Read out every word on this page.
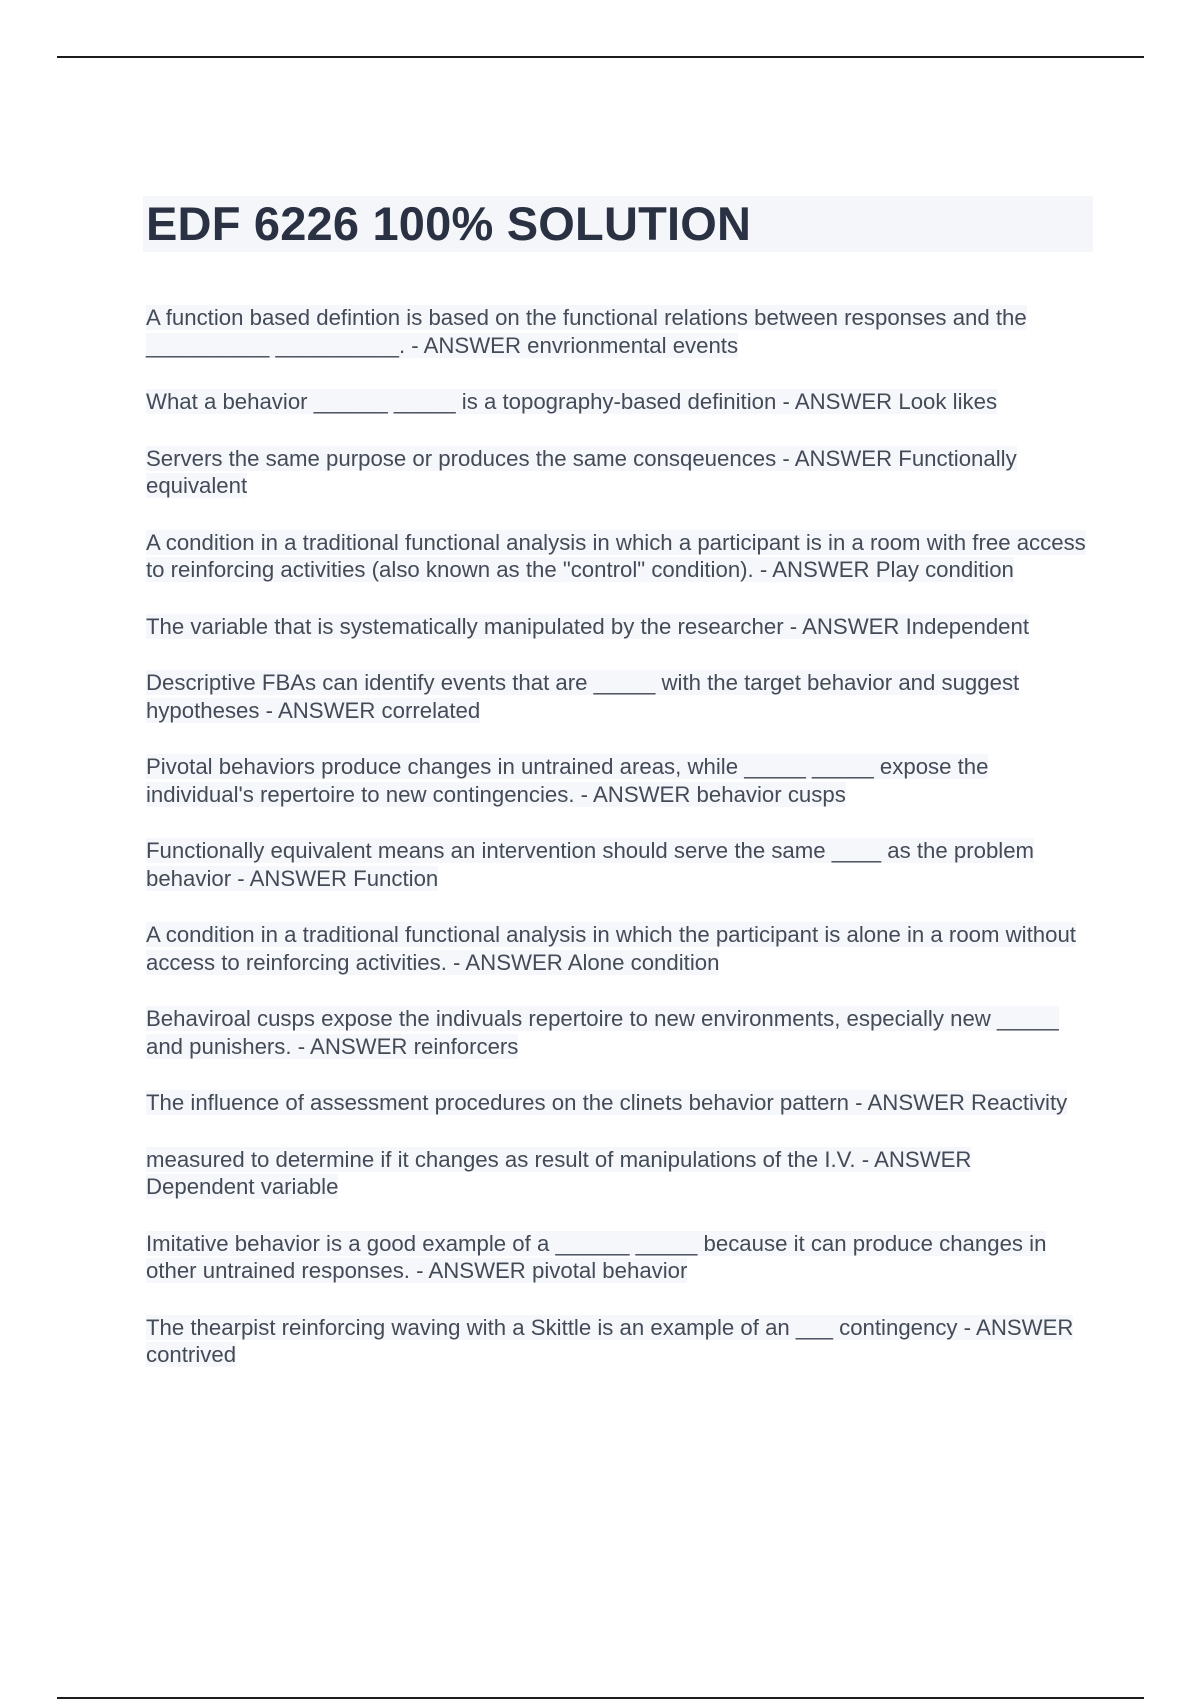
EDF 6226 100% SOLUTION
A function based defintion is based on the functional relations between responses and the __________ __________. - ANSWER envrionmental events
What a behavior ______ _____ is a topography-based definition - ANSWER Look likes
Servers the same purpose or produces the same consqeuences - ANSWER Functionally equivalent
A condition in a traditional functional analysis in which a participant is in a room with free access to reinforcing activities (also known as the "control" condition). - ANSWER Play condition
The variable that is systematically manipulated by the researcher - ANSWER Independent
Descriptive FBAs can identify events that are _____ with the target behavior and suggest hypotheses - ANSWER correlated
Pivotal behaviors produce changes in untrained areas, while _____ _____ expose the individual's repertoire to new contingencies. - ANSWER behavior cusps
Functionally equivalent means an intervention should serve the same ____ as the problem behavior - ANSWER Function
A condition in a traditional functional analysis in which the participant is alone in a room without access to reinforcing activities. - ANSWER Alone condition
Behaviroal cusps expose the indivuals repertoire to new environments, especially new _____ and punishers. - ANSWER reinforcers
The influence of assessment procedures on the clinets behavior pattern - ANSWER Reactivity
measured to determine if it changes as result of manipulations of the I.V. - ANSWER Dependent variable
Imitative behavior is a good example of a ______ _____ because it can produce changes in other untrained responses. - ANSWER pivotal behavior
The thearpist reinforcing waving with a Skittle is an example of an ___ contingency - ANSWER contrived
